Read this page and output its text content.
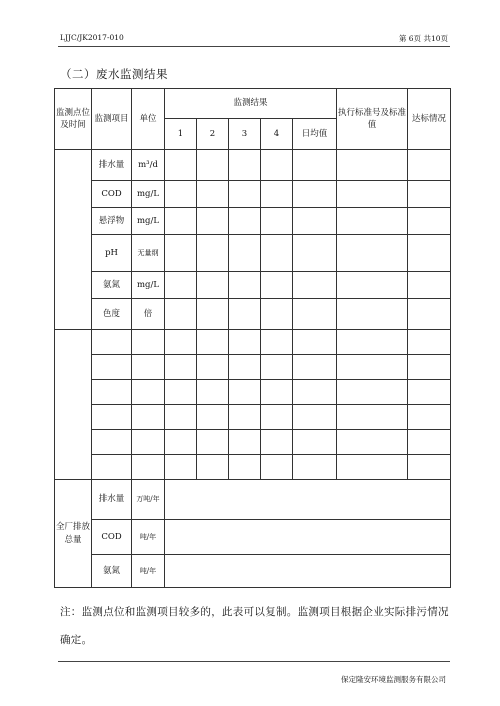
LJJC/JK2017-010	第 6页 共10页
（二）废水监测结果
监测点位及时间	监测项目	单位	监测结果					执行标准号及标准值	达标情况
			1	2	3	4	日均值		
	排水量	m³/d							
	COD	mg/L							
	悬浮物	mg/L							
	pH	无量纲							
	氨氮	mg/L							
	色度	倍							

全厂排放总量	排水量	万吨/年							
	COD	吨/年							
	氨氮	吨/年							
注：监测点位和监测项目较多的，此表可以复制。监测项目根据企业实际排污情况确定。
保定隆安环境监测服务有限公司
